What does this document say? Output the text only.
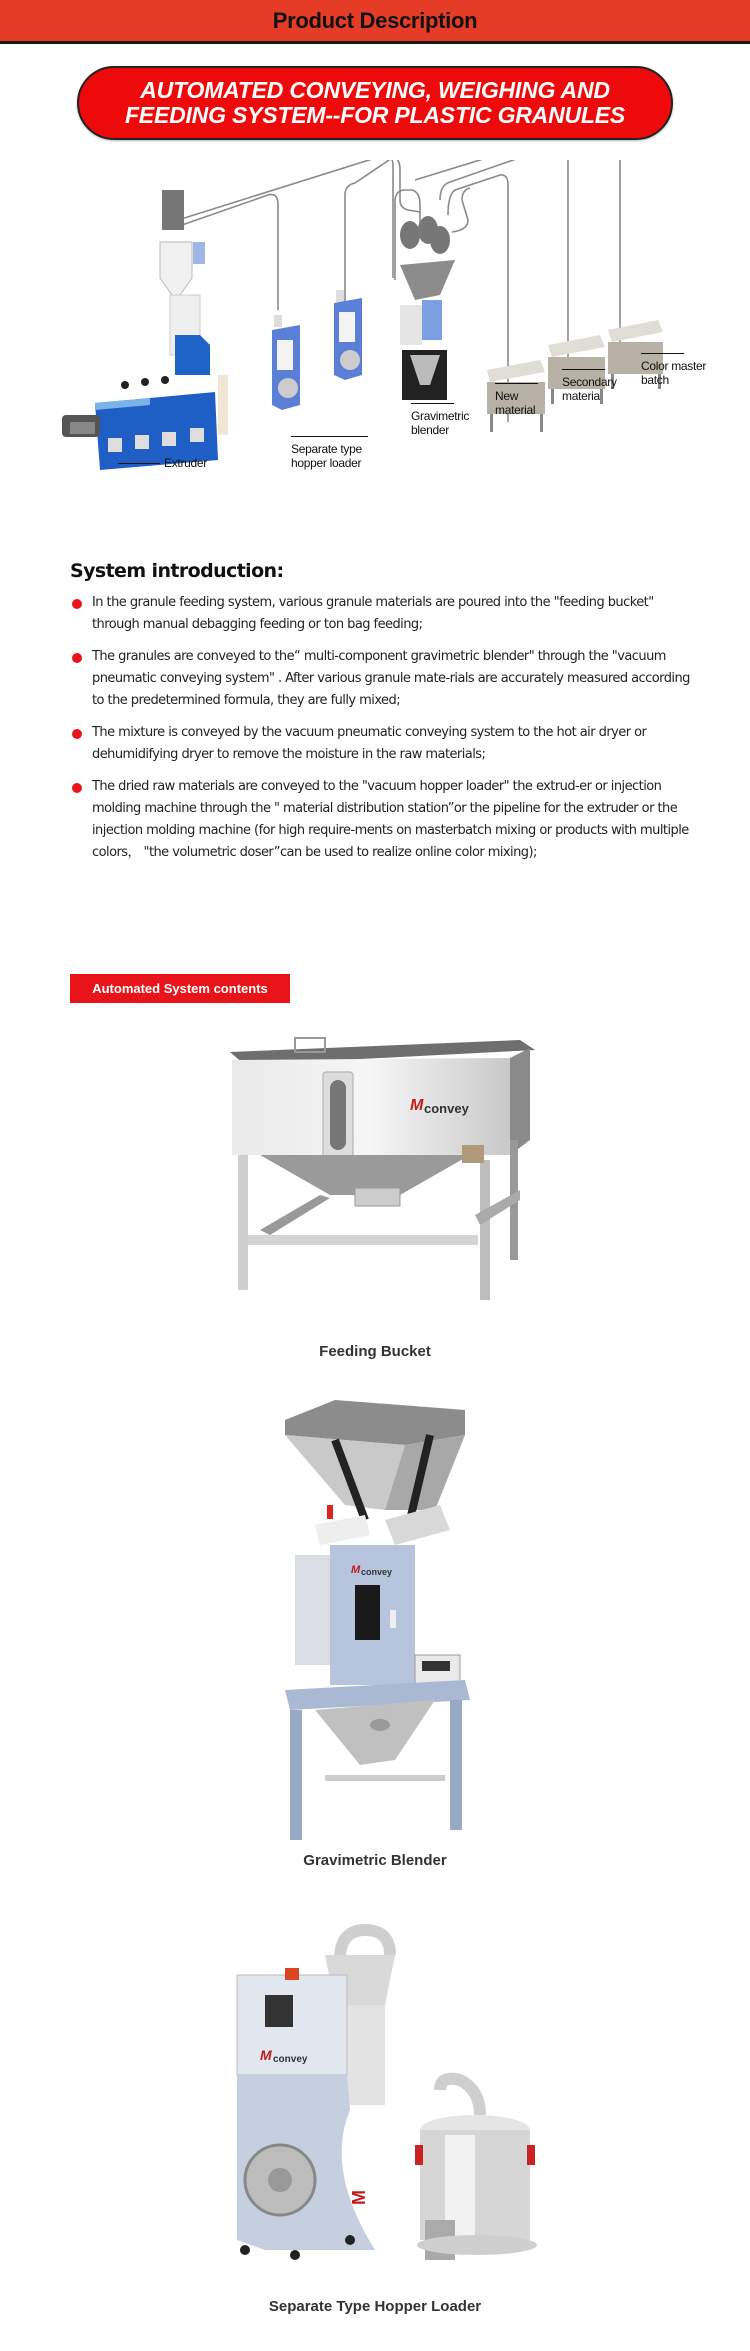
Product Description
AUTOMATED CONVEYING, WEIGHING AND
FEEDING SYSTEM--FOR PLASTIC GRANULES
Extruder
Separate type
hopper loader
Gravimetric
blender
New
material
Secondary
materia
Color master
batch
System introduction:

In the granule feeding system, various granule materials are poured into the "feeding bucket" through manual debagging feeding or ton bag feeding;

The granules are conveyed to the“ multi-component gravimetric blender" through the "vacuum pneumatic conveying system" . After various granule mate-rials are accurately measured according to the predetermined formula, they are fully mixed;

The mixture is conveyed by the vacuum pneumatic conveying system to the hot air dryer or dehumidifying dryer to remove the moisture in the raw materials;

The dried raw materials are conveyed to the "vacuum hopper loader" the extrud-er or injection molding machine through the " material distribution station”or the pipeline for the extruder or the injection molding machine (for high require-ments on masterbatch mixing or products with multiple colors， "the volumetric doser”can be used to realize online color mixing);

Automated System contents
M convey
Feeding Bucket
M convey
Gravimetric Blender
M convey
M
Separate Type Hopper Loader
